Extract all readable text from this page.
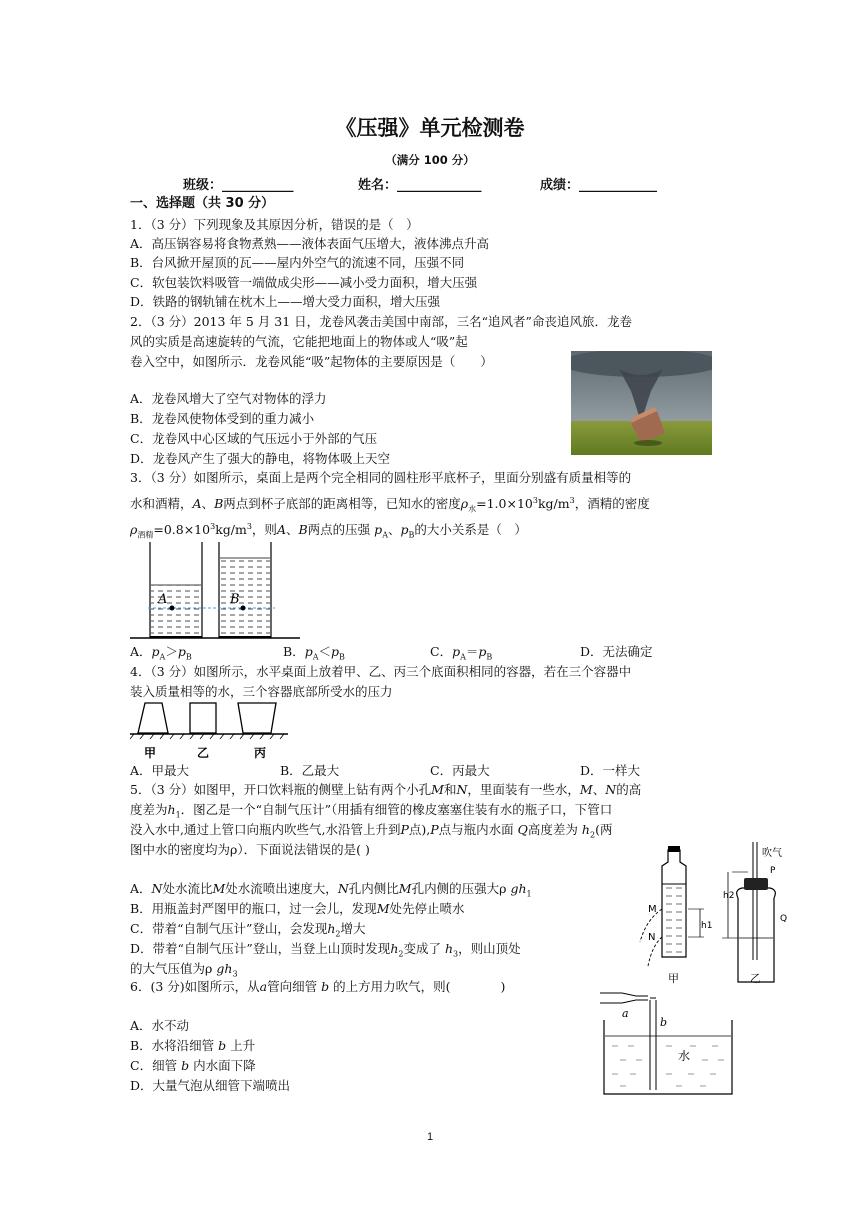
《压强》单元检测卷
（满分 100 分）
班级：___________	姓名：_____________	成绩：____________
一、选择题（共 30 分）
1．（3 分）下列现象及其原因分析，错误的是（　）
A．高压锅容易将食物煮熟——液体表面气压增大，液体沸点升高
B．台风掀开屋顶的瓦——屋内外空气的流速不同，压强不同
C．软包装饮料吸管一端做成尖形——减小受力面积，增大压强
D．铁路的钢轨铺在枕木上——增大受力面积，增大压强
2．（3 分）2013 年 5 月 31 日，龙卷风袭击美国中南部，三名“追风者”命丧追风旅．龙卷
风的实质是高速旋转的气流，它能把地面上的物体或人“吸”起
卷入空中，如图所示．龙卷风能“吸”起物体的主要原因是（　　）
A．龙卷风增大了空气对物体的浮力
B．龙卷风使物体受到的重力减小
C．龙卷风中心区域的气压远小于外部的气压
D．龙卷风产生了强大的静电，将物体吸上天空
3．（3 分）如图所示，桌面上是两个完全相同的圆柱形平底杯子，里面分别盛有质量相等的
水和酒精，A、B两点到杯子底部的距离相等，已知水的密度$\rho_水=1.0\times 10^3kg/m^3$，酒精的密度
$\rho_{酒精}=0.8\times 10^3kg/m^3$，则A、B两点的压强 $p_A$、$p_B$的大小关系是（　）
A	B
A．$p_A>p_B$	B．$p_A<p_B$	C．$p_A=p_B$	D．无法确定
4．（3 分）如图所示，水平桌面上放着甲、乙、丙三个底面积相同的容器，若在三个容器中
装入质量相等的水，三个容器底部所受水的压力
甲	乙	丙
A．甲最大	B．乙最大	C．丙最大	D．一样大
5．（3 分）如图甲，开口饮料瓶的侧壁上钻有两个小孔M和N，里面装有一些水，M、N的高
度差为$h_1$．图乙是一个“自制气压计”（用插有细管的橡皮塞塞住装有水的瓶子口，下管口
没入水中,通过上管口向瓶内吹些气,水沿管上升到P点),P点与瓶内水面 Q高度差为 $h_2$(两
图中水的密度均为ρ）．下面说法错误的是( )
A．N处水流比M处水流喷出速度大，N孔内侧比M孔内侧的压强大ρ $gh_1$
B．用瓶盖封严图甲的瓶口，过一会儿，发现M处先停止喷水
C．带着“自制气压计”登山，会发现$h_2$增大
D．带着“自制气压计”登山，当登上山顶时发现$h_2$变成了 $h_3$，则山顶处
的大气压值为ρ $gh_3$
M
N
h1
甲
h2
吹气
P
Q
乙
6．(3 分)如图所示，从a管向细管 b 的上方用力吹气，则(　　　　)
A．水不动
B．水将沿细管 b 上升
C．细管 b 内水面下降
D．大量气泡从细管下端喷出
a
b
水
1
